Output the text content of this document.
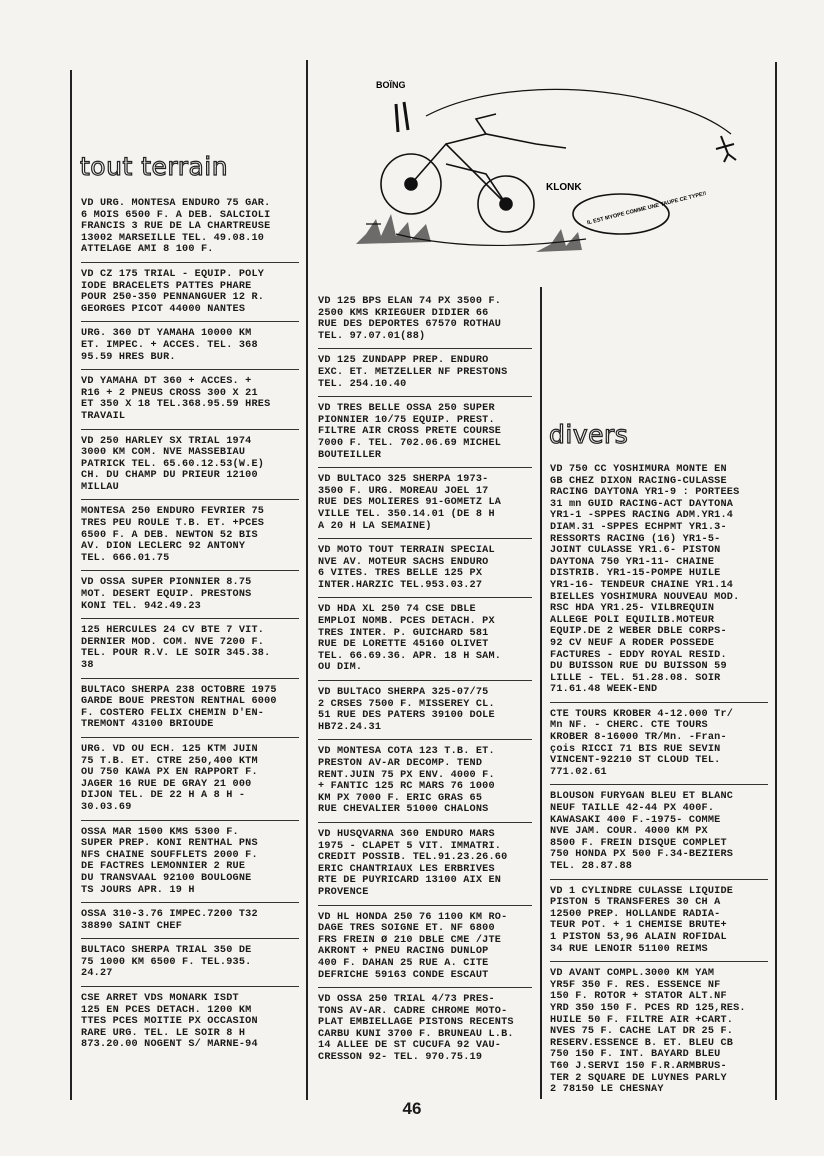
BOÏNG
KLONK
IL EST MYOPE COMME UNE TAUPE CE TYPE!!
tout terrain
VD URG. MONTESA ENDURO 75 GAR.
6 MOIS 6500 F. A DEB. SALCIOLI
FRANCIS 3 RUE DE LA CHARTREUSE
13002 MARSEILLE TEL. 49.08.10
ATTELAGE AMI 8 100 F.
VD CZ 175 TRIAL - EQUIP. POLY
IODE BRACELETS PATTES PHARE
POUR 250-350 PENNANGUER 12 R.
GEORGES PICOT 44000 NANTES
URG. 360 DT YAMAHA 10000 KM
ET. IMPEC. + ACCES. TEL. 368
95.59 HRES BUR.
VD YAMAHA DT 360 + ACCES. +
R16 + 2 PNEUS CROSS 300 X 21
ET 350 X 18 TEL.368.95.59 HRES
TRAVAIL
VD 250 HARLEY SX TRIAL 1974
3000 KM COM. NVE MASSEBIAU
PATRICK TEL. 65.60.12.53(W.E)
CH. DU CHAMP DU PRIEUR 12100
MILLAU
MONTESA 250 ENDURO FEVRIER 75
TRES PEU ROULE T.B. ET. +PCES
6500 F. A DEB. NEWTON 52 BIS
AV. DION LECLERC 92 ANTONY
TEL. 666.01.75
VD OSSA SUPER PIONNIER 8.75
MOT. DESERT EQUIP. PRESTONS
KONI TEL. 942.49.23
125 HERCULES 24 CV BTE 7 VIT.
DERNIER MOD. COM. NVE 7200 F.
TEL. POUR R.V. LE SOIR 345.38.
38
BULTACO SHERPA 238 OCTOBRE 1975
GARDE BOUE PRESTON RENTHAL 6000
F. COSTERO FELIX CHEMIN D'EN-
TREMONT 43100 BRIOUDE
URG. VD OU ECH. 125 KTM JUIN
75 T.B. ET. CTRE 250,400 KTM
OU 750 KAWA PX EN RAPPORT F.
JAGER 16 RUE DE GRAY 21 000
DIJON TEL. DE 22 H A 8 H -
30.03.69
OSSA MAR 1500 KMS 5300 F.
SUPER PREP. KONI RENTHAL PNS
NFS CHAINE SOUFFLETS 2000 F.
DE FACTRES LEMONNIER 2 RUE
DU TRANSVAAL 92100 BOULOGNE
TS JOURS APR. 19 H
OSSA 310-3.76 IMPEC.7200 T32
38890 SAINT CHEF
BULTACO SHERPA TRIAL 350 DE
75 1000 KM 6500 F. TEL.935.
24.27
CSE ARRET VDS MONARK ISDT
125 EN PCES DETACH. 1200 KM
TTES PCES MOITIE PX OCCASION
RARE URG. TEL. LE SOIR 8 H
873.20.00 NOGENT S/ MARNE-94
VD 125 BPS ELAN 74 PX 3500 F.
2500 KMS KRIEGUER DIDIER 66
RUE DES DEPORTES 67570 ROTHAU
TEL. 97.07.01(88)
VD 125 ZUNDAPP PREP. ENDURO
EXC. ET. METZELLER NF PRESTONS
TEL. 254.10.40
VD TRES BELLE OSSA 250 SUPER
PIONNIER 10/75 EQUIP. PREST.
FILTRE AIR CROSS PRETE COURSE
7000 F. TEL. 702.06.69 MICHEL
BOUTEILLER
VD BULTACO 325 SHERPA 1973-
3500 F. URG. MOREAU JOEL 17
RUE DES MOLIERES 91-GOMETZ LA
VILLE TEL. 350.14.01 (DE 8 H
A 20 H LA SEMAINE)
VD MOTO TOUT TERRAIN SPECIAL
NVE AV. MOTEUR SACHS ENDURO
6 VITES. TRES BELLE 125 PX
INTER.HARZIC TEL.953.03.27
VD HDA XL 250 74 CSE DBLE
EMPLOI NOMB. PCES DETACH. PX
TRES INTER. P. GUICHARD 581
RUE DE LORETTE 45160 OLIVET
TEL. 66.69.36. APR. 18 H SAM.
OU DIM.
VD BULTACO SHERPA 325-07/75
2 CRSES 7500 F. MISSEREY CL.
51 RUE DES PATERS 39100 DOLE
HB72.24.31
VD MONTESA COTA 123 T.B. ET.
PRESTON AV-AR DECOMP. TEND
RENT.JUIN 75 PX ENV. 4000 F.
+ FANTIC 125 RC MARS 76 1000
KM PX 7000 F. ERIC GRAS 65
RUE CHEVALIER 51000 CHALONS
VD HUSQVARNA 360 ENDURO MARS
1975 - CLAPET 5 VIT. IMMATRI.
CREDIT POSSIB. TEL.91.23.26.60
ERIC CHANTRIAUX LES ERBRIVES
RTE DE PUYRICARD 13100 AIX EN
PROVENCE
VD HL HONDA 250 76 1100 KM RO-
DAGE TRES SOIGNE ET. NF 6800
FRS FREIN Ø 210 DBLE CME /JTE
AKRONT + PNEU RACING DUNLOP
400 F. DAHAN 25 RUE A. CITE
DEFRICHE 59163 CONDE ESCAUT
VD OSSA 250 TRIAL 4/73 PRES-
TONS AV-AR. CADRE CHROME MOTO-
PLAT EMBIELLAGE PISTONS RECENTS
CARBU KUNI 3700 F. BRUNEAU L.B.
14 ALLEE DE ST CUCUFA 92 VAU-
CRESSON 92- TEL. 970.75.19
divers
VD 750 CC YOSHIMURA MONTE EN
GB CHEZ DIXON RACING-CULASSE
RACING DAYTONA YR1-9 : PORTEES
31 mn GUID RACING-ACT DAYTONA
YR1-1 -SPPES RACING ADM.YR1.4
DIAM.31 -SPPES ECHPMT YR1.3-
RESSORTS RACING (16) YR1-5-
JOINT CULASSE YR1.6- PISTON
DAYTONA 750 YR1-11- CHAINE
DISTRIB. YR1-15-POMPE HUILE
YR1-16- TENDEUR CHAINE YR1.14
BIELLES YOSHIMURA NOUVEAU MOD.
RSC HDA YR1.25- VILBREQUIN
ALLEGE POLI EQUILIB.MOTEUR
EQUIP.DE 2 WEBER DBLE CORPS-
92 CV NEUF A RODER POSSEDE
FACTURES - EDDY ROYAL RESID.
DU BUISSON RUE DU BUISSON 59
LILLE - TEL. 51.28.08. SOIR
71.61.48 WEEK-END
CTE TOURS KROBER 4-12.000 Tr/
Mn NF. - CHERC. CTE TOURS
KROBER 8-16000 TR/Mn. -Fran-
çois RICCI 71 BIS RUE SEVIN
VINCENT-92210 ST CLOUD TEL.
771.02.61
BLOUSON FURYGAN BLEU ET BLANC
NEUF TAILLE 42-44 PX 400F.
KAWASAKI 400 F.-1975- COMME
NVE JAM. COUR. 4000 KM PX
8500 F. FREIN DISQUE COMPLET
750 HONDA PX 500 F.34-BEZIERS
TEL. 28.87.88
VD 1 CYLINDRE CULASSE LIQUIDE
PISTON 5 TRANSFERES 30 CH A
12500 PREP. HOLLANDE RADIA-
TEUR POT. + 1 CHEMISE BRUTE+
1 PISTON 53,96 ALAIN ROFIDAL
34 RUE LENOIR 51100 REIMS
VD AVANT COMPL.3000 KM YAM
YR5F 350 F. RES. ESSENCE NF
150 F. ROTOR + STATOR ALT.NF
YRD 350 150 F. PCES RD 125,RES.
HUILE 50 F. FILTRE AIR +CART.
NVES 75 F. CACHE LAT DR 25 F.
RESERV.ESSENCE B. ET. BLEU CB
750 150 F. INT. BAYARD BLEU
T60 J.SERVI 150 F.R.ARMBRUS-
TER 2 SQUARE DE LUYNES PARLY
2 78150 LE CHESNAY
46
